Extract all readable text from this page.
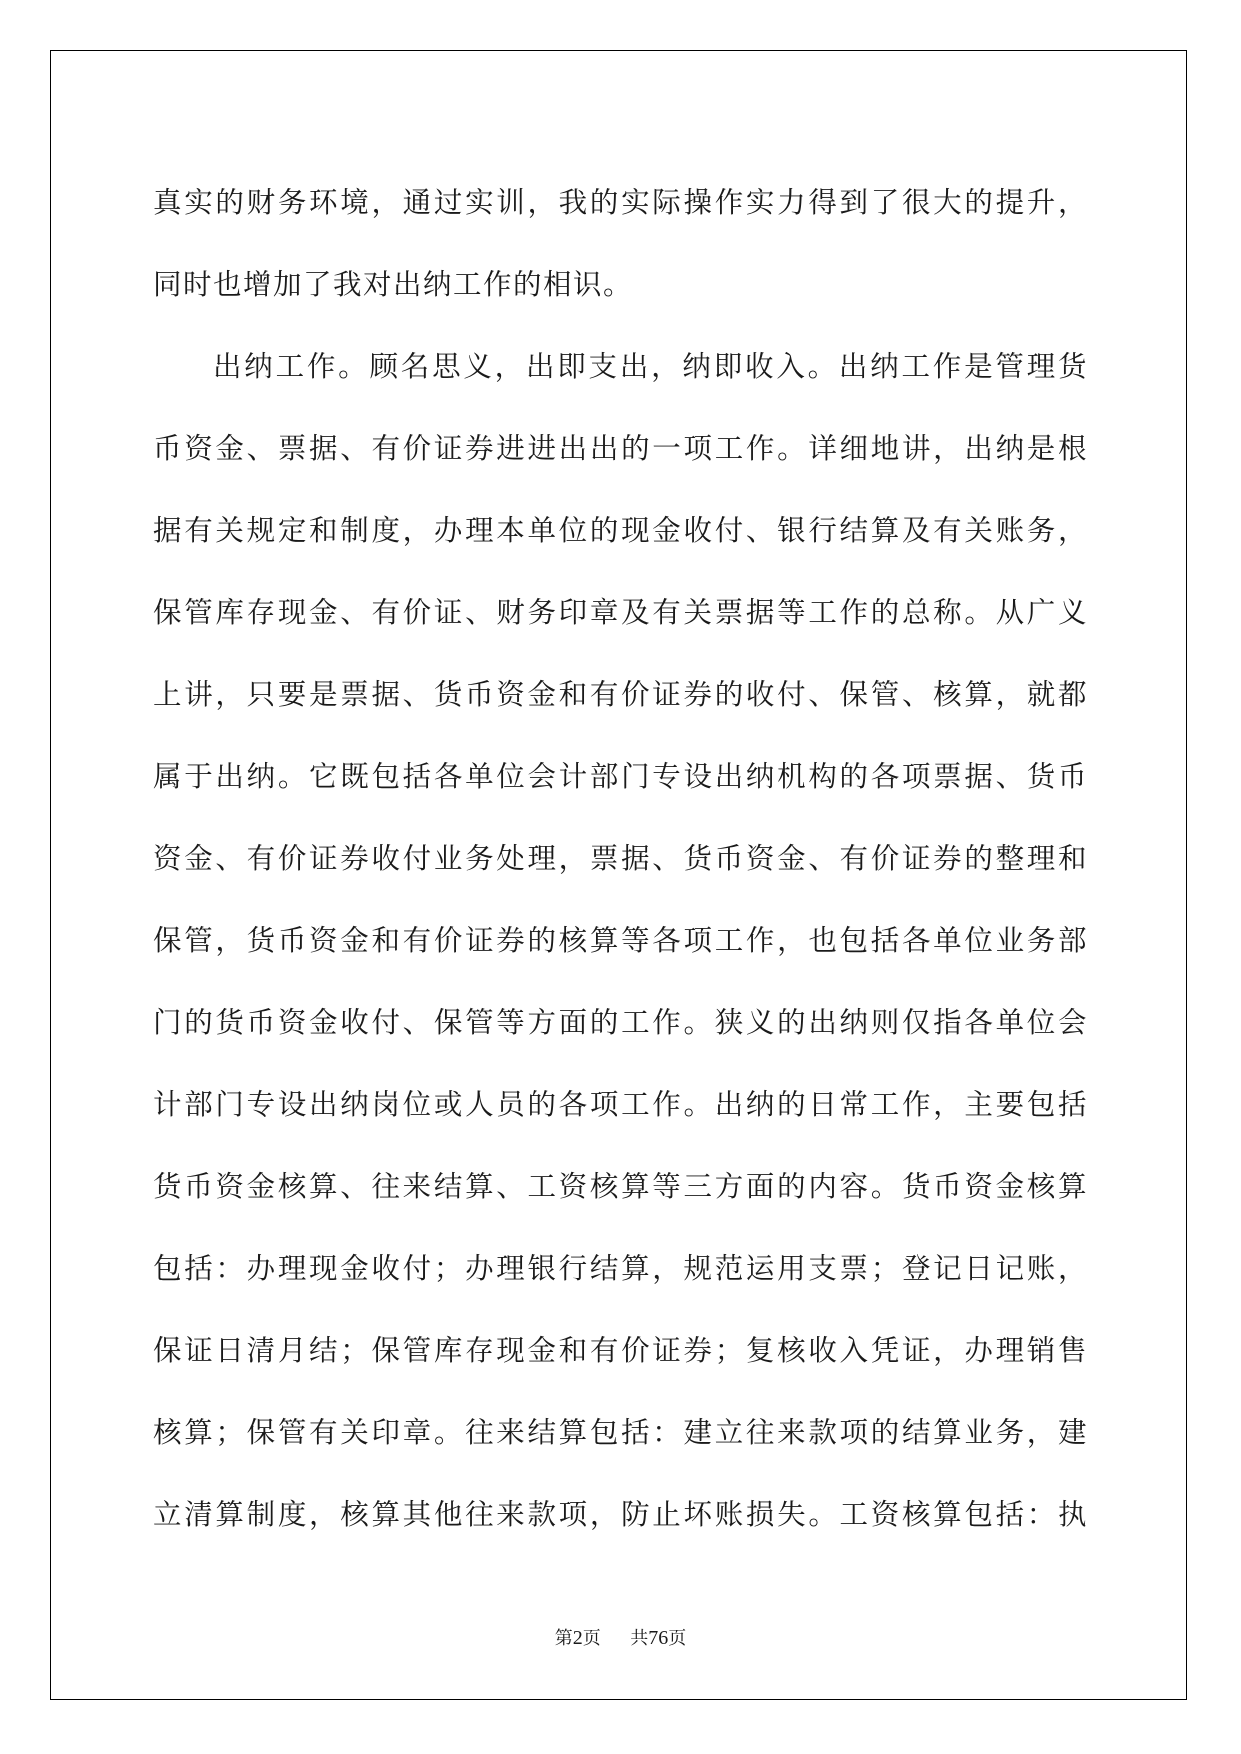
真实的财务环境，通过实训，我的实际操作实力得到了很大的提升，
同时也增加了我对出纳工作的相识。
出纳工作。顾名思义，出即支出，纳即收入。出纳工作是管理货
币资金、票据、有价证券进进出出的一项工作。详细地讲，出纳是根
据有关规定和制度，办理本单位的现金收付、银行结算及有关账务，
保管库存现金、有价证、财务印章及有关票据等工作的总称。从广义
上讲，只要是票据、货币资金和有价证券的收付、保管、核算，就都
属于出纳。它既包括各单位会计部门专设出纳机构的各项票据、货币
资金、有价证券收付业务处理，票据、货币资金、有价证券的整理和
保管，货币资金和有价证券的核算等各项工作，也包括各单位业务部
门的货币资金收付、保管等方面的工作。狭义的出纳则仅指各单位会
计部门专设出纳岗位或人员的各项工作。出纳的日常工作，主要包括
货币资金核算、往来结算、工资核算等三方面的内容。货币资金核算
包括：办理现金收付；办理银行结算，规范运用支票；登记日记账，
保证日清月结；保管库存现金和有价证券；复核收入凭证，办理销售
核算；保管有关印章。往来结算包括：建立往来款项的结算业务，建
立清算制度，核算其他往来款项，防止坏账损失。工资核算包括：执
第2页 共76页
